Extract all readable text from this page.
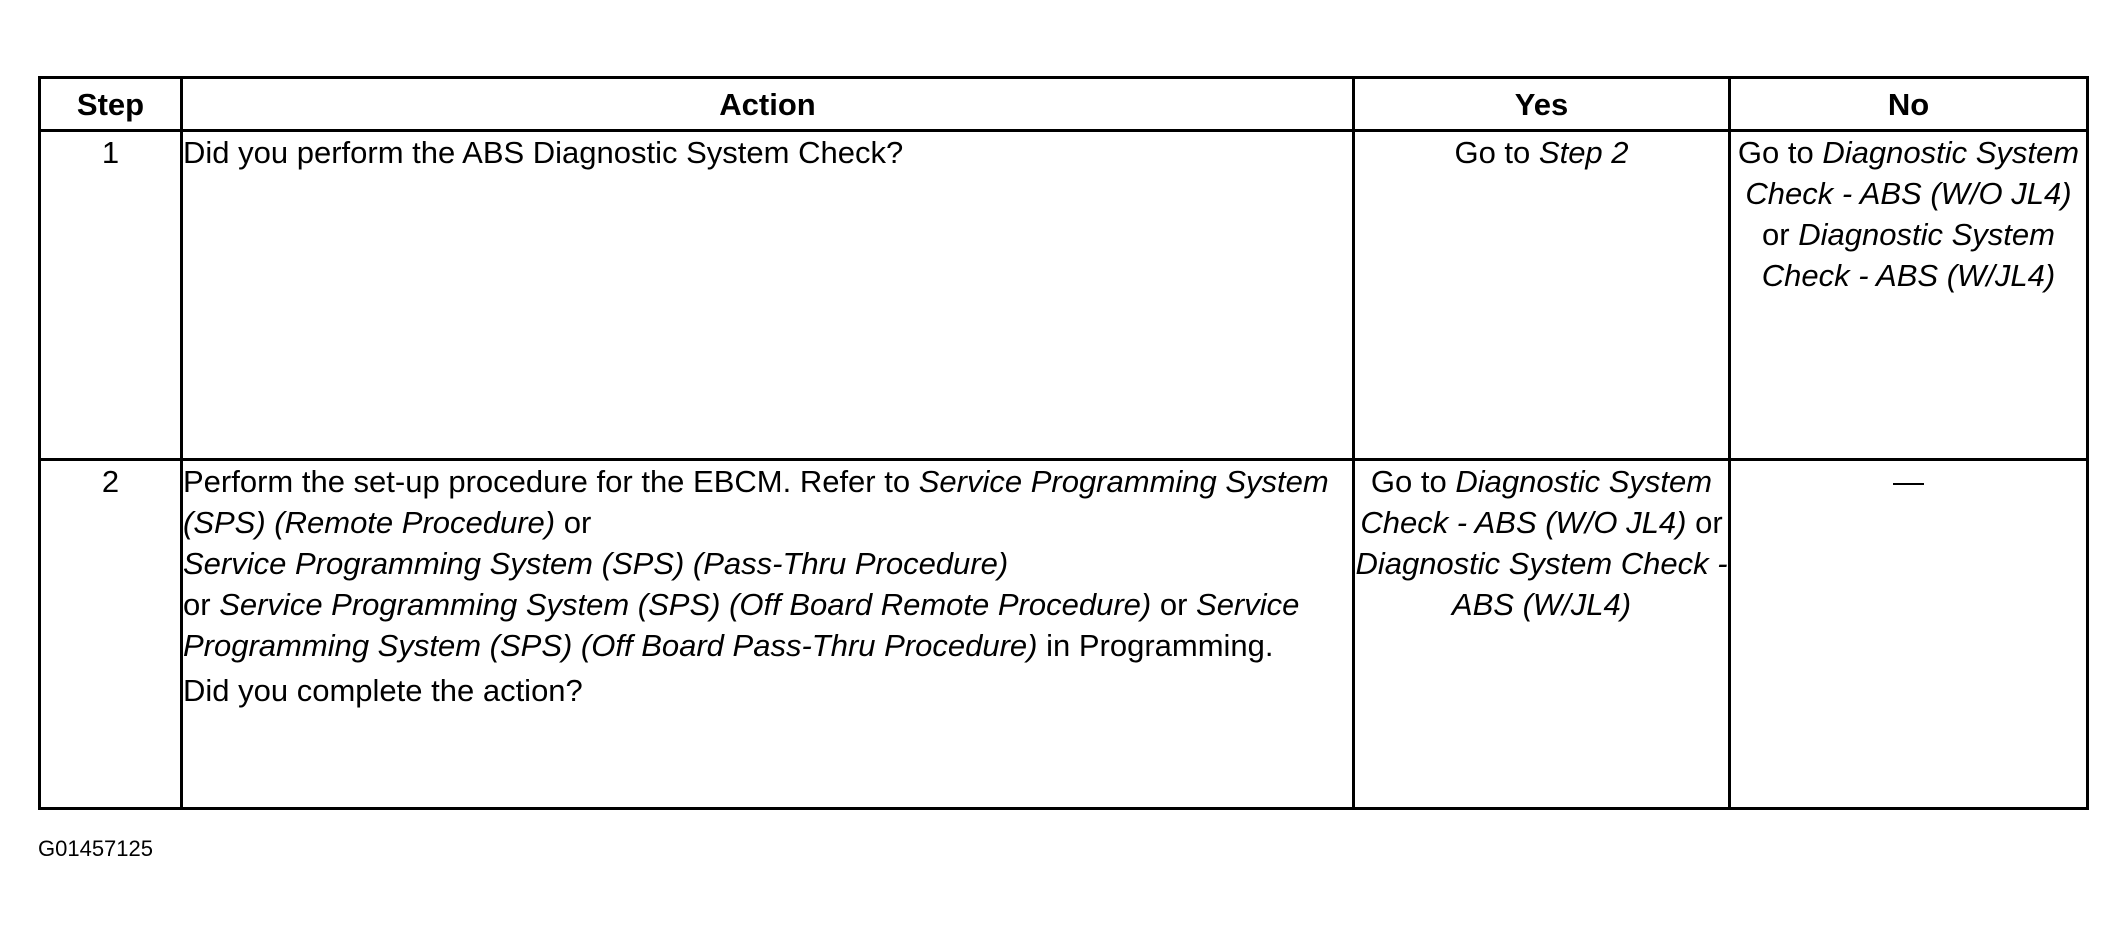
Step	Action	Yes	No
1	Did you perform the ABS Diagnostic System Check?	Go to Step 2	Go to Diagnostic System Check - ABS (W/O JL4) or Diagnostic System Check - ABS (W/JL4)
2	Perform the set-up procedure for the EBCM. Refer to Service Programming System (SPS) (Remote Procedure) or
Service Programming System (SPS) (Pass-Thru Procedure)
or Service Programming System (SPS) (Off Board Remote Procedure) or Service Programming System (SPS) (Off Board Pass-Thru Procedure) in Programming.

Did you complete the action?	Go to Diagnostic System Check - ABS (W/O JL4) or Diagnostic System Check - ABS (W/JL4)	—
G01457125
